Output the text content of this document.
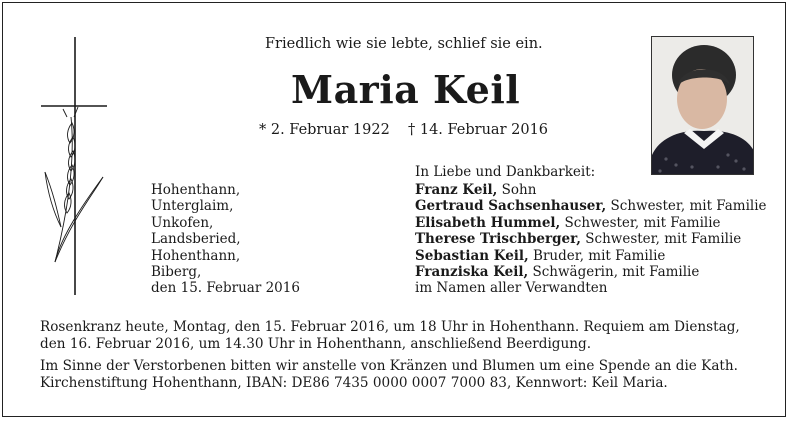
Friedlich wie sie lebte, schlief sie ein.
Maria Keil
* 2. Februar 1922 † 14. Februar 2016
In Liebe und Dankbarkeit:
Hohenthann,
Unterglaim,
Unkofen,
Landsberied,
Hohenthann,
Biberg,
den 15. Februar 2016
Franz Keil, Sohn
Gertraud Sachsenhauser, Schwester, mit Familie
Elisabeth Hummel, Schwester, mit Familie
Therese Trischberger, Schwester, mit Familie
Sebastian Keil, Bruder, mit Familie
Franziska Keil, Schwägerin, mit Familie
im Namen aller Verwandten
Rosenkranz heute, Montag, den 15. Februar 2016, um 18 Uhr in Hohenthann. Requiem am Dienstag, den 16. Februar 2016, um 14.30 Uhr in Hohenthann, anschließend Beerdigung.
Im Sinne der Verstorbenen bitten wir anstelle von Kränzen und Blumen um eine Spende an die Kath. Kirchenstiftung Hohenthann, IBAN: DE86 7435 0000 0007 7000 83, Kennwort: Keil Maria.
